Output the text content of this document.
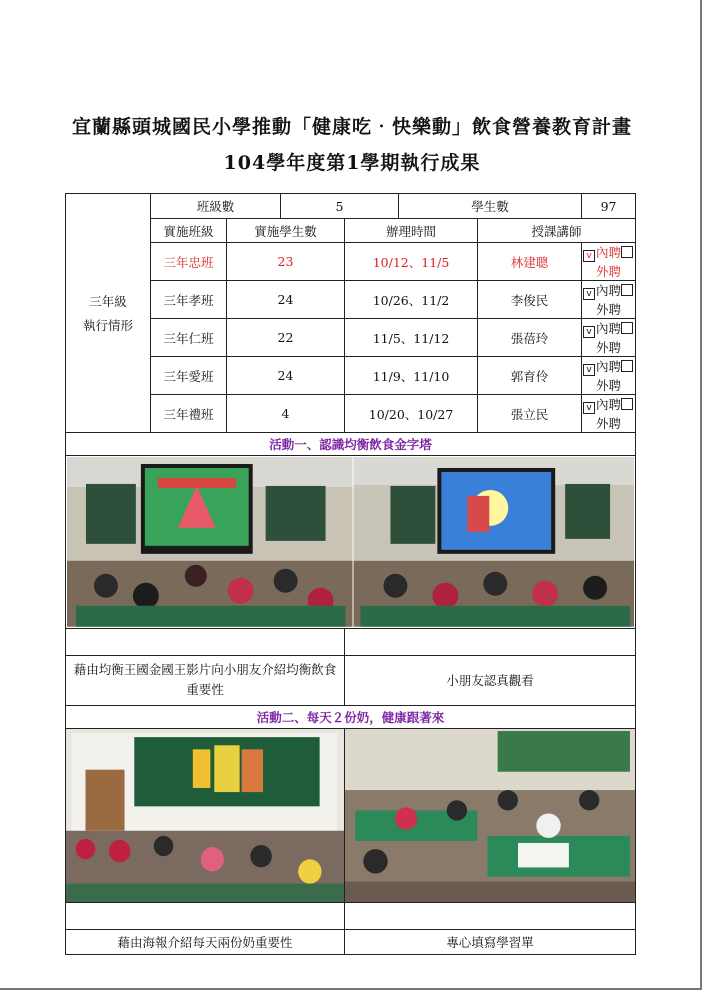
宜蘭縣頭城國民小學推動「健康吃‧快樂動」飲食營養教育計畫
104學年度第1學期執行成果
三年級
執行情形	班級數		5		學生數		97
	實施班級	實施學生數		辦理時間		授課講師	
	三年忠班	23		10/12、11/5		林建聰	v 內聘外聘
	三年孝班	24		10/26、11/2		李俊民	v 內聘外聘
	三年仁班	22		11/5、11/12		張蓓玲	v 內聘外聘
	三年愛班	24		11/9、11/10		郭育伶	v 內聘外聘
	三年禮班	4		10/20、10/27		張立民	v 內聘外聘
活動一、認識均衡飲食金字塔							

藉由均衡王國金國王影片向小朋友介紹均衡飲食重要性				小朋友認真觀看			
活動二、每天２份奶，健康跟著來							

藉由海報介紹每天兩份奶重要性				專心填寫學習單			
